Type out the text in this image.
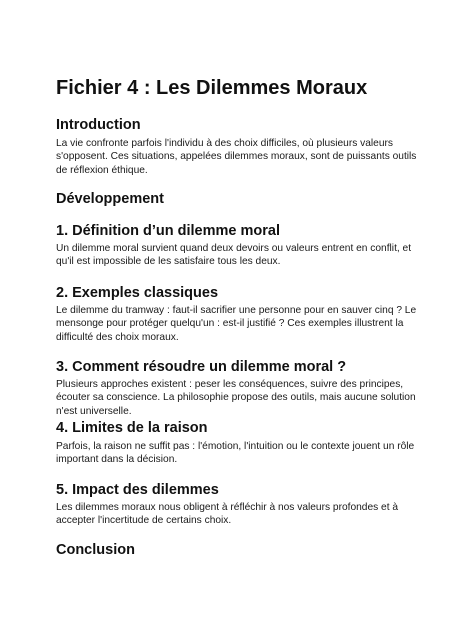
Fichier 4 : Les Dilemmes Moraux
Introduction

La vie confronte parfois l'individu à des choix difficiles, où plusieurs valeurs s'opposent. Ces situations, appelées dilemmes moraux, sont de puissants outils de réflexion éthique.

Développement
1. Définition d’un dilemme moral

Un dilemme moral survient quand deux devoirs ou valeurs entrent en conflit, et qu'il est impossible de les satisfaire tous les deux.

2. Exemples classiques

Le dilemme du tramway : faut-il sacrifier une personne pour en sauver cinq ? Le mensonge pour protéger quelqu'un : est-il justifié ? Ces exemples illustrent la difficulté des choix moraux.

3. Comment résoudre un dilemme moral ?

Plusieurs approches existent : peser les conséquences, suivre des principes, écouter sa conscience. La philosophie propose des outils, mais aucune solution n'est universelle.

4. Limites de la raison

Parfois, la raison ne suffit pas : l'émotion, l'intuition ou le contexte jouent un rôle important dans la décision.

5. Impact des dilemmes

Les dilemmes moraux nous obligent à réfléchir à nos valeurs profondes et à accepter l'incertitude de certains choix.

Conclusion
